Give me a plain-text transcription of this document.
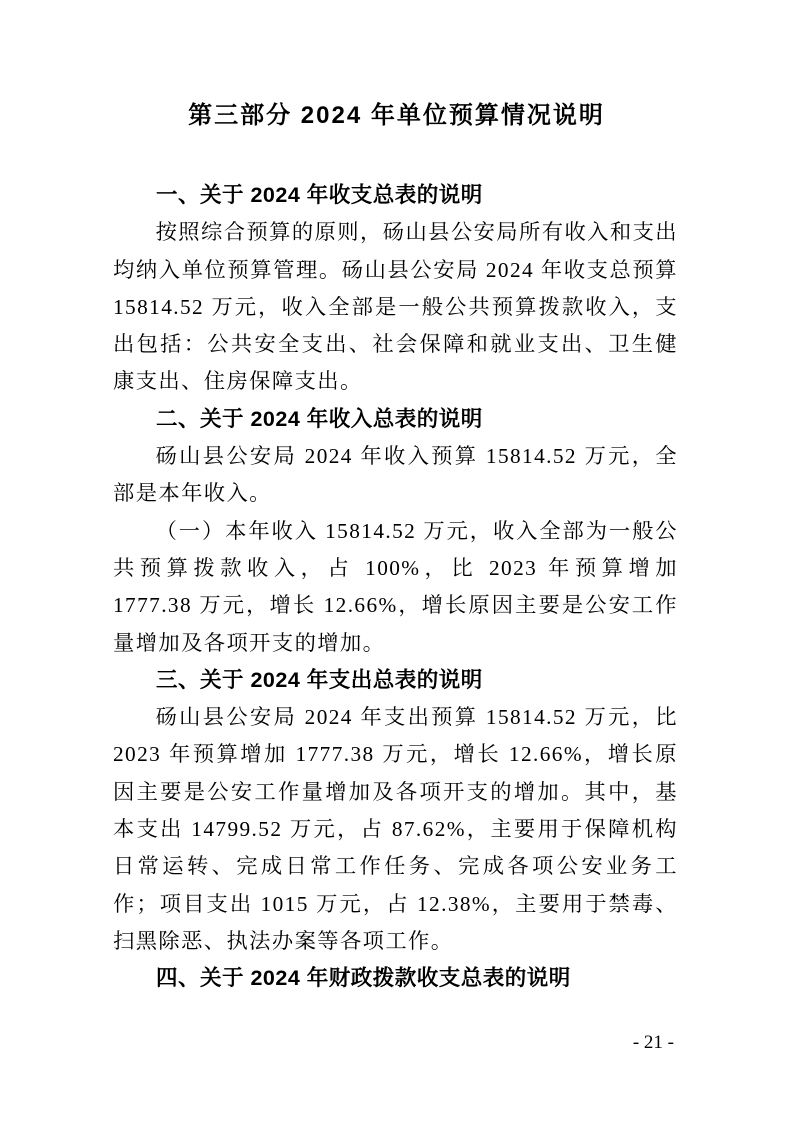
第三部分 2024 年单位预算情况说明
一、关于 2024 年收支总表的说明

按照综合预算的原则，砀山县公安局所有收入和支出均纳入单位预算管理。砀山县公安局 2024 年收支总预算 15814.52 万元，收入全部是一般公共预算拨款收入，支出包括：公共安全支出、社会保障和就业支出、卫生健康支出、住房保障支出。

二、关于 2024 年收入总表的说明

砀山县公安局 2024 年收入预算 15814.52 万元，全部是本年收入。

（一）本年收入 15814.52 万元，收入全部为一般公共预算拨款收入，占 100%，比 2023 年预算增加 1777.38 万元，增长 12.66%，增长原因主要是公安工作量增加及各项开支的增加。

三、关于 2024 年支出总表的说明

砀山县公安局 2024 年支出预算 15814.52 万元，比 2023 年预算增加 1777.38 万元，增长 12.66%，增长原因主要是公安工作量增加及各项开支的增加。其中，基本支出 14799.52 万元，占 87.62%，主要用于保障机构日常运转、完成日常工作任务、完成各项公安业务工作；项目支出 1015 万元，占 12.38%，主要用于禁毒、扫黑除恶、执法办案等各项工作。

四、关于 2024 年财政拨款收支总表的说明
- 21 -
